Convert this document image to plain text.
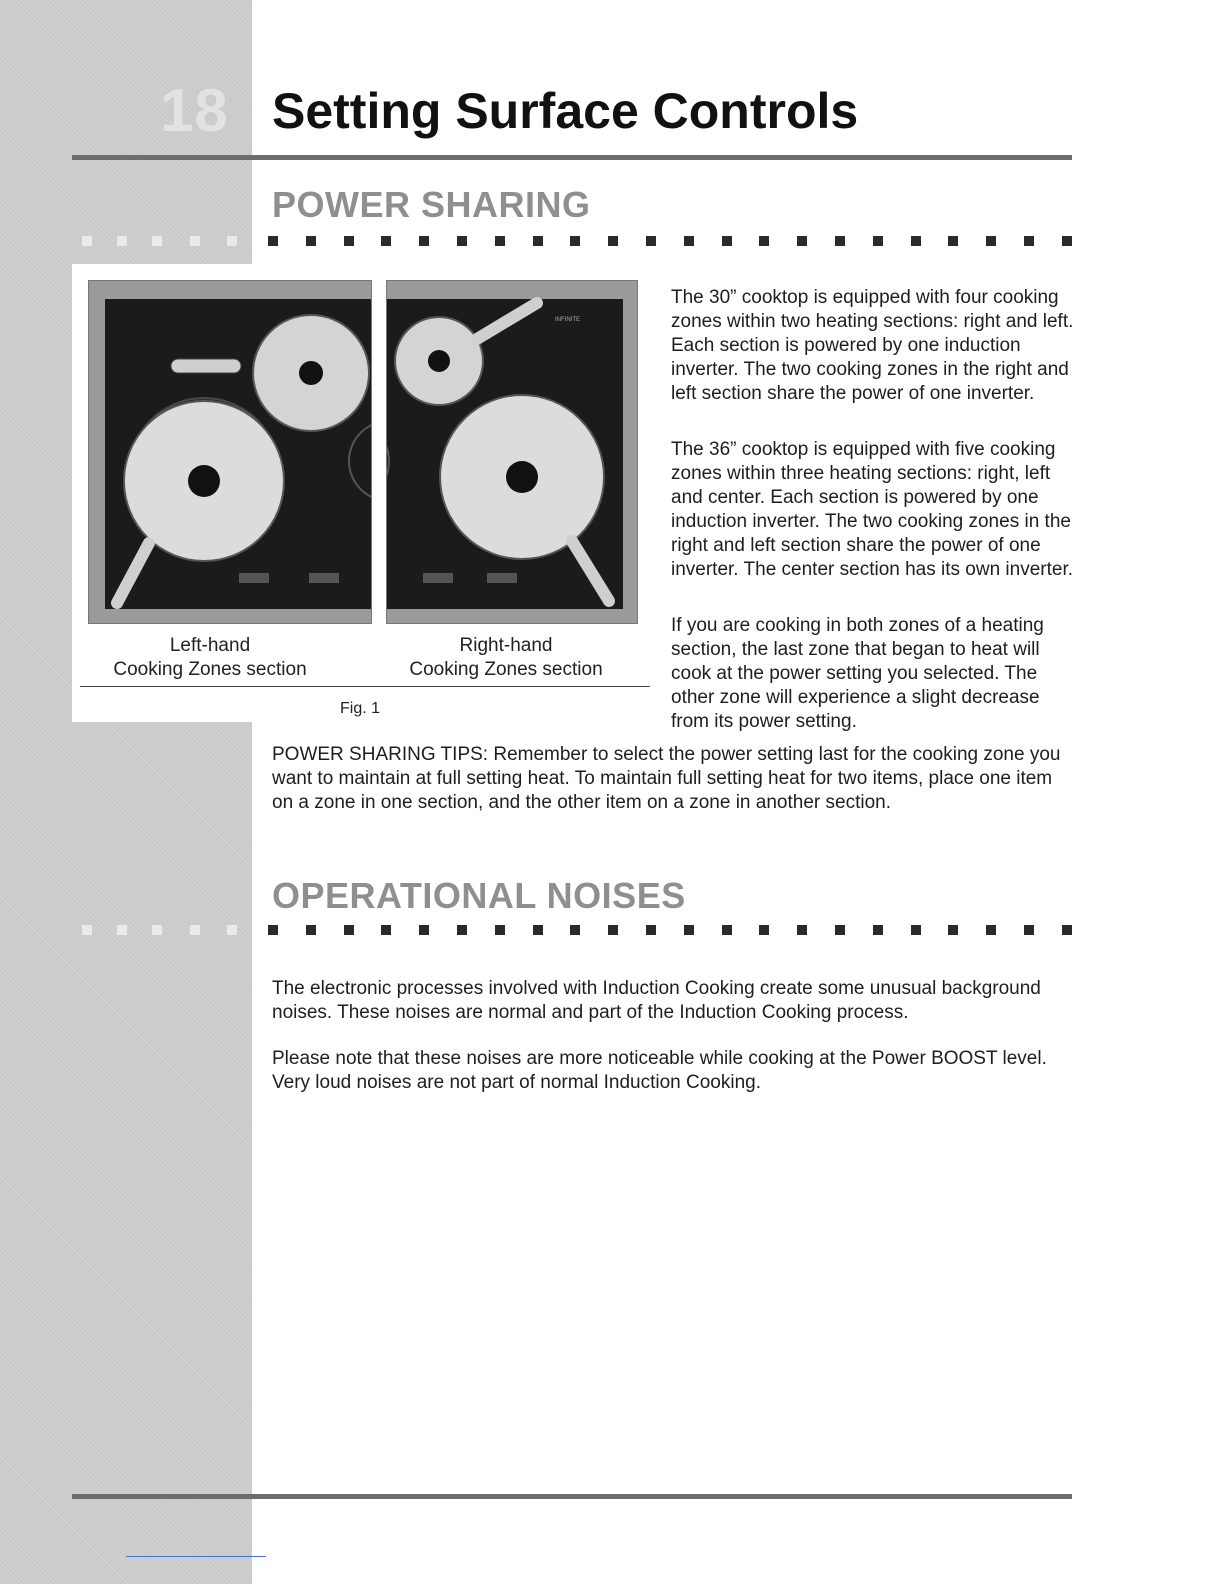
18 Setting Surface Controls
POWER SHARING
INFINITE
Left-hand
Cooking Zones section
Right-hand
Cooking Zones section
Fig. 1

The 30” cooktop is equipped with four cooking zones within two heating sections: right and left. Each section is powered by one induction inverter. The two cooking zones in the right and left section share the power of one inverter.

The 36” cooktop is equipped with five cooking zones within three heating sections: right, left and center. Each section is powered by one induction inverter. The two cooking zones in the right and left section share the power of one inverter. The center section has its own inverter.

If you are cooking in both zones of a heating section, the last zone that began to heat will cook at the power setting you selected. The other zone will experience a slight decrease from its power setting.

POWER SHARING TIPS: Remember to select the power setting last for the cooking zone you want to maintain at full setting heat. To maintain full setting heat for two items, place one item on a zone in one section, and the other item on a zone in another section.

OPERATIONAL NOISES

The electronic processes involved with Induction Cooking create some unusual background noises. These noises are normal and part of the Induction Cooking process.

Please note that these noises are more noticeable while cooking at the Power BOOST level. Very loud noises are not part of normal Induction Cooking.
